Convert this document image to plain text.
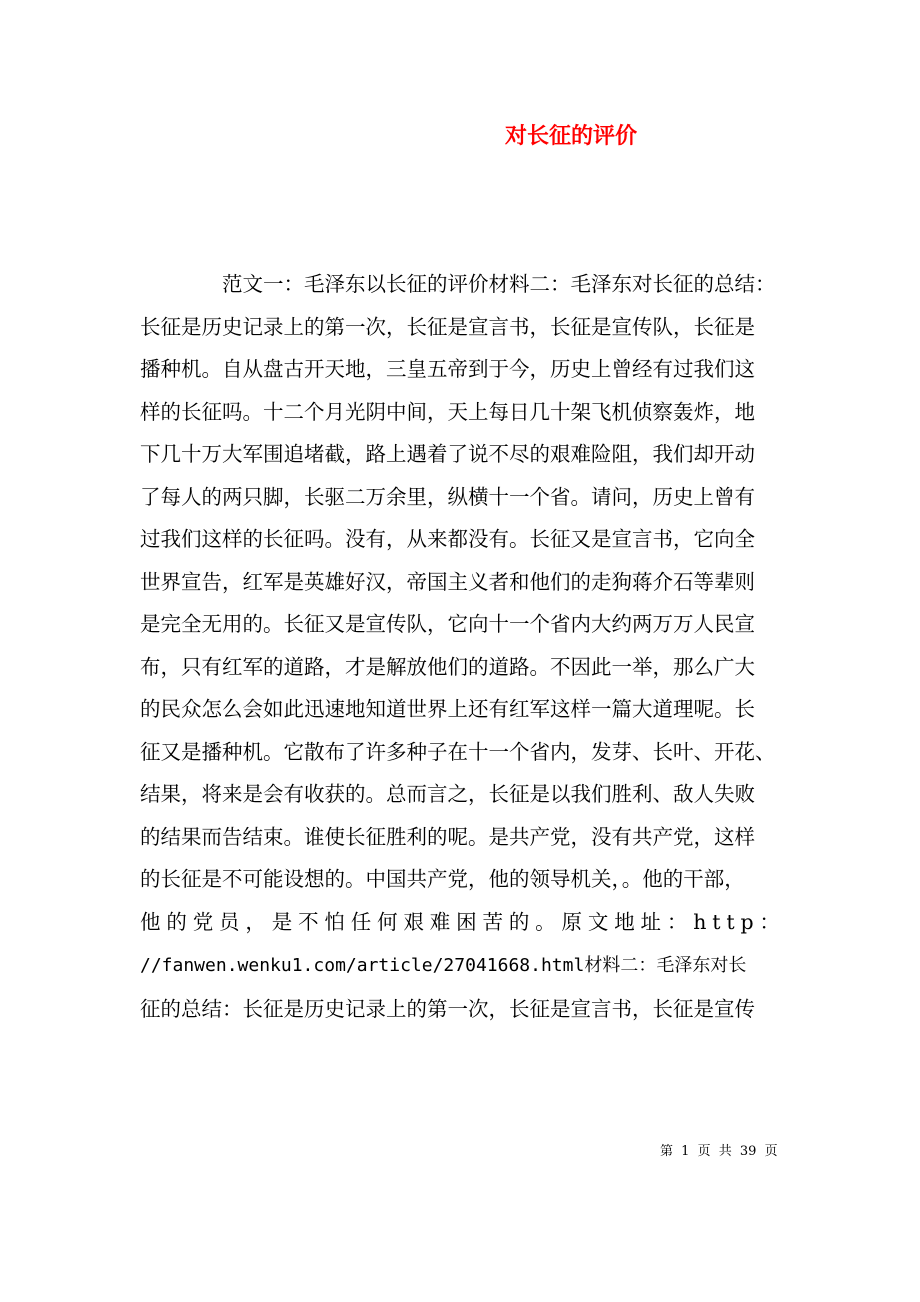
对长征的评价

范文一：毛泽东以长征的评价材料二：毛泽东对长征的总结：
长征是历史记录上的第一次，长征是宣言书，长征是宣传队，长征是
播种机。自从盘古开天地，三皇五帝到于今，历史上曾经有过我们这
样的长征吗。十二个月光阴中间，天上每日几十架飞机侦察轰炸，地
下几十万大军围追堵截，路上遇着了说不尽的艰难险阻，我们却开动
了每人的两只脚，长驱二万余里，纵横十一个省。请问，历史上曾有
过我们这样的长征吗。没有，从来都没有。长征又是宣言书，它向全
世界宣告，红军是英雄好汉，帝国主义者和他们的走狗蒋介石等辈则
是完全无用的。长征又是宣传队，它向十一个省内大约两万万人民宣
布，只有红军的道路，才是解放他们的道路。不因此一举，那么广大
的民众怎么会如此迅速地知道世界上还有红军这样一篇大道理呢。长
征又是播种机。它散布了许多种子在十一个省内，发芽、长叶、开花、
结果，将来是会有收获的。总而言之，长征是以我们胜利、敌人失败
的结果而告结束。谁使长征胜利的呢。是共产党，没有共产党，这样
的长征是不可能设想的。中国共产党，他的领导机关，。他的干部，
他 的 党 员 ， 是 不 怕 任 何 艰 难 困 苦 的 。 原 文 地 址 ： h t t p ：
//fanwen.wenku1.com/article/27041668.html材料二：毛泽东对长
征的总结：长征是历史记录上的第一次，长征是宣言书，长征是宣传

第 1 页 共 39 页
